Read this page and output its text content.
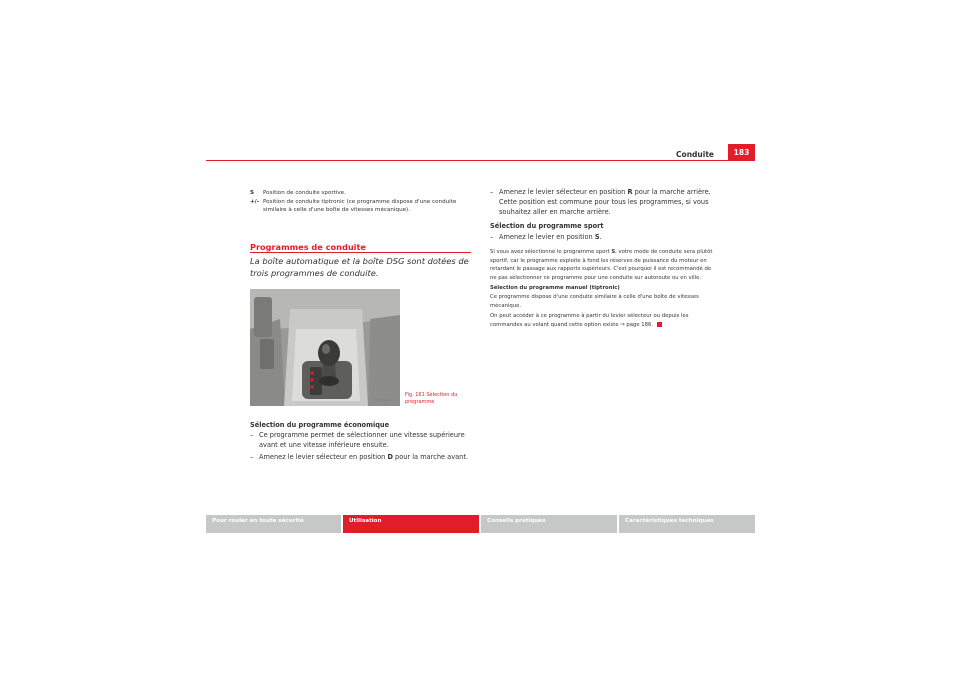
Conduite	183
S Position de conduite sportive.
+/- Position de conduite tiptronic (ce programme dispose d'une conduite similaire à celle d'une boîte de vitesses mécanique).
Programmes de conduite
La boîte automatique et la boîte DSG sont dotées de trois programmes de conduite.
B5P-0462
Fig. 161 Sélection du programme
Sélection du programme économique
– Ce programme permet de sélectionner une vitesse supérieure avant et une vitesse inférieure ensuite.
– Amenez le levier sélecteur en position D pour la marche avant.
– Amenez le levier sélecteur en position R pour la marche arrière. Cette position est commune pour tous les programmes, si vous souhaitez aller en marche arrière.
Sélection du programme sport
– Amenez le levier en position S.
Si vous avez sélectionné le programme sport S, votre mode de conduite sera plutôt sportif, car le programme exploite à fond les réserves de puissance du moteur en retardant le passage aux rapports supérieurs. C'est pourquoi il est recommandé de ne pas sélectionner ce programme pour une conduite sur autoroute ou en ville.
Sélection du programme manuel (tiptronic)
Ce programme dispose d'une conduite similaire à celle d'une boîte de vitesses mécanique.
On peut accéder à ce programme à partir du levier sélecteur ou depuis les commandes au volant quand cette option existe ⇒ page 186.
Pour rouler en toute sécurité	Utilisation	Conseils pratiques	Caractéristiques techniques
